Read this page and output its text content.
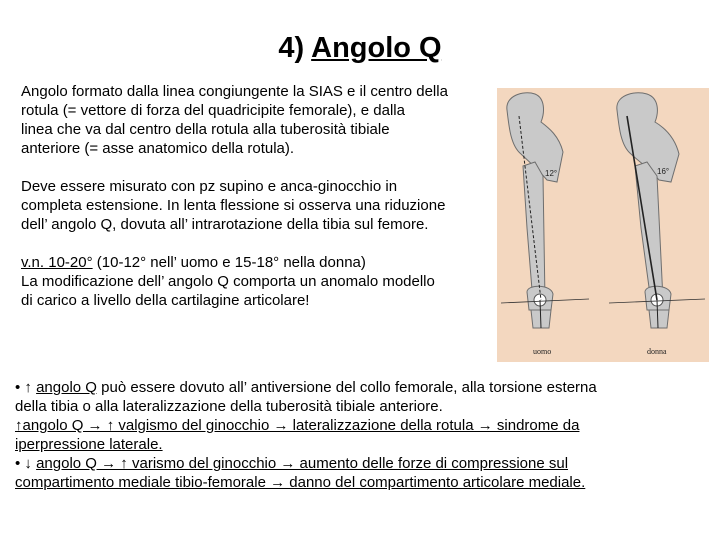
4) Angolo Q

Angolo formato dalla linea congiungente la SIAS e il centro della

rotula (= vettore di forza del quadricipite femorale), e dalla

linea che va dal centro della rotula alla tuberosità tibiale

anteriore (= asse anatomico della rotula).

Deve essere misurato con pz supino e anca-ginocchio in

completa estensione. In lenta flessione si osserva una riduzione

dell’ angolo Q, dovuta all’ intrarotazione della tibia sul femore.

v.n. 10-20° (10-12° nell’ uomo e 15-18° nella donna)

La modificazione dell’ angolo Q comporta un anomalo modello

di carico a livello della cartilagine articolare!

12°
uomo
16°
donna

• ↑ angolo Q può essere dovuto all’ antiversione del collo femorale, alla torsione esterna

della tibia o alla lateralizzazione della tuberosità tibiale anteriore.

↑angolo Q → ↑ valgismo del ginocchio → lateralizzazione della rotula → sindrome da

iperpressione laterale.

• ↓ angolo Q → ↑ varismo del ginocchio → aumento delle forze di compressione sul

compartimento mediale tibio-femorale → danno del compartimento articolare mediale.
